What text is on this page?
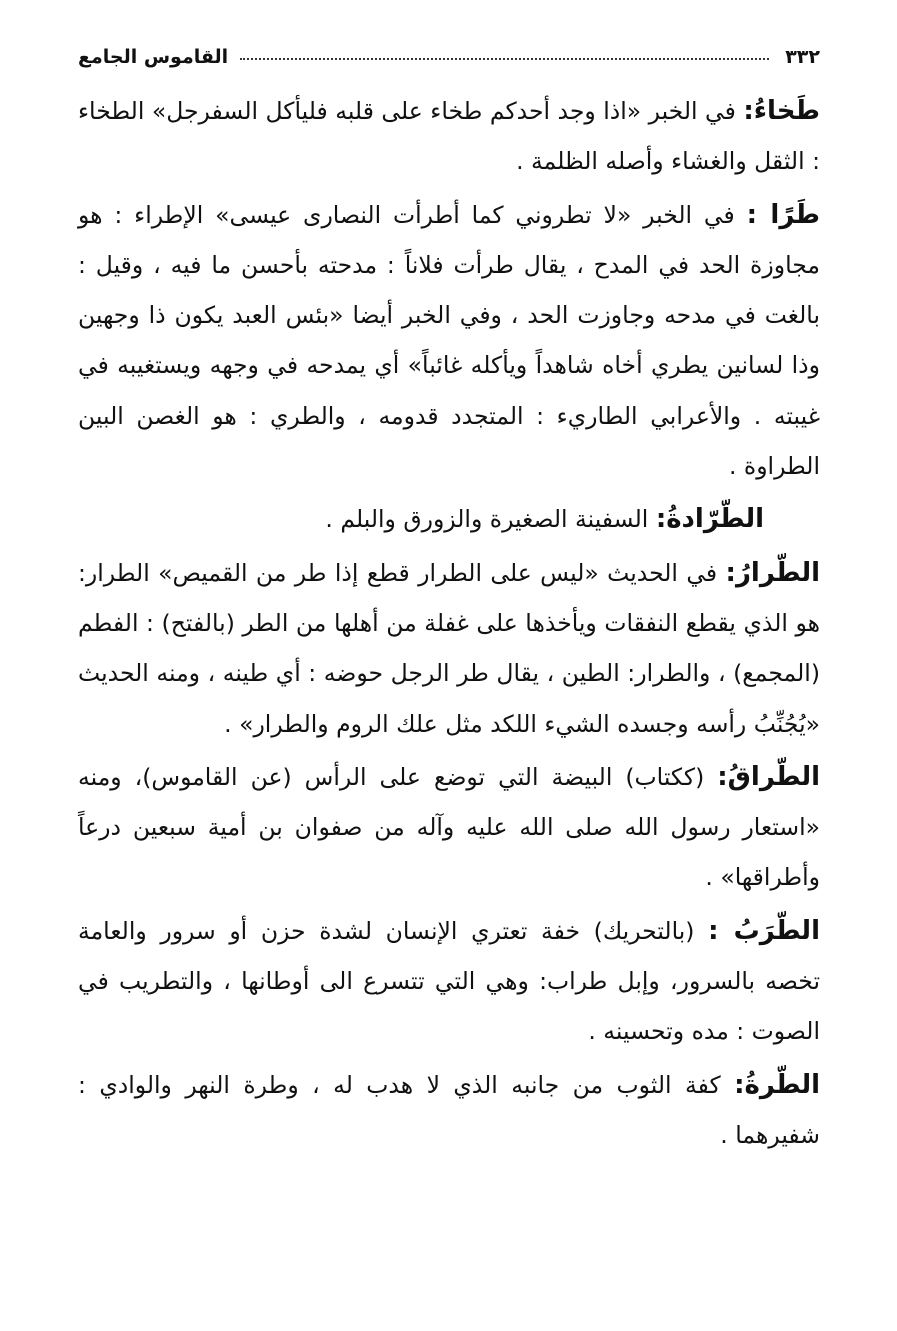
٣٣٢
القاموس الجامع

طَخاءُ: في الخبر «اذا وجد أحدكم طخاء على قلبه فليأكل السفرجل» الطخاء : الثقل والغشاء وأصله الظلمة .

طَرًا : في الخبر «لا تطروني كما أطرأت النصارى عيسى» الإطراء : هو مجاوزة الحد في المدح ، يقال طرأت فلاناً : مدحته بأحسن ما فيه ، وقيل : بالغت في مدحه وجاوزت الحد ، وفي الخبر أيضا «بئس العبد يكون ذا وجهين وذا لسانين يطري أخاه شاهداً ويأكله غائباً» أي يمدحه في وجهه ويستغيبه في غيبته . والأعرابي الطاريء : المتجدد قدومه ، والطري : هو الغصن البين الطراوة .

الطّرّادةُ: السفينة الصغيرة والزورق والبلم .

الطّرارُ: في الحديث «ليس على الطرار قطع إذا طر من القميص» الطرار: هو الذي يقطع النفقات ويأخذها على غفلة من أهلها من الطر (بالفتح) : الفطم (المجمع) ، والطرار: الطين ، يقال طر الرجل حوضه : أي طينه ، ومنه الحديث «يُجُنِّبُ رأسه وجسده الشيء اللكد مثل علك الروم والطرار» .

الطّراقُ: (ككتاب) البيضة التي توضع على الرأس (عن القاموس)، ومنه «استعار رسول الله صلى الله عليه وآله من صفوان بن أمية سبعين درعاً وأطراقها» .

الطّرَبُ : (بالتحريك) خفة تعتري الإنسان لشدة حزن أو سرور والعامة تخصه بالسرور، وإبل طراب: وهي التي تتسرع الى أوطانها ، والتطريب في الصوت : مده وتحسينه .

الطّرةُ: كفة الثوب من جانبه الذي لا هدب له ، وطرة النهر والوادي : شفيرهما .
